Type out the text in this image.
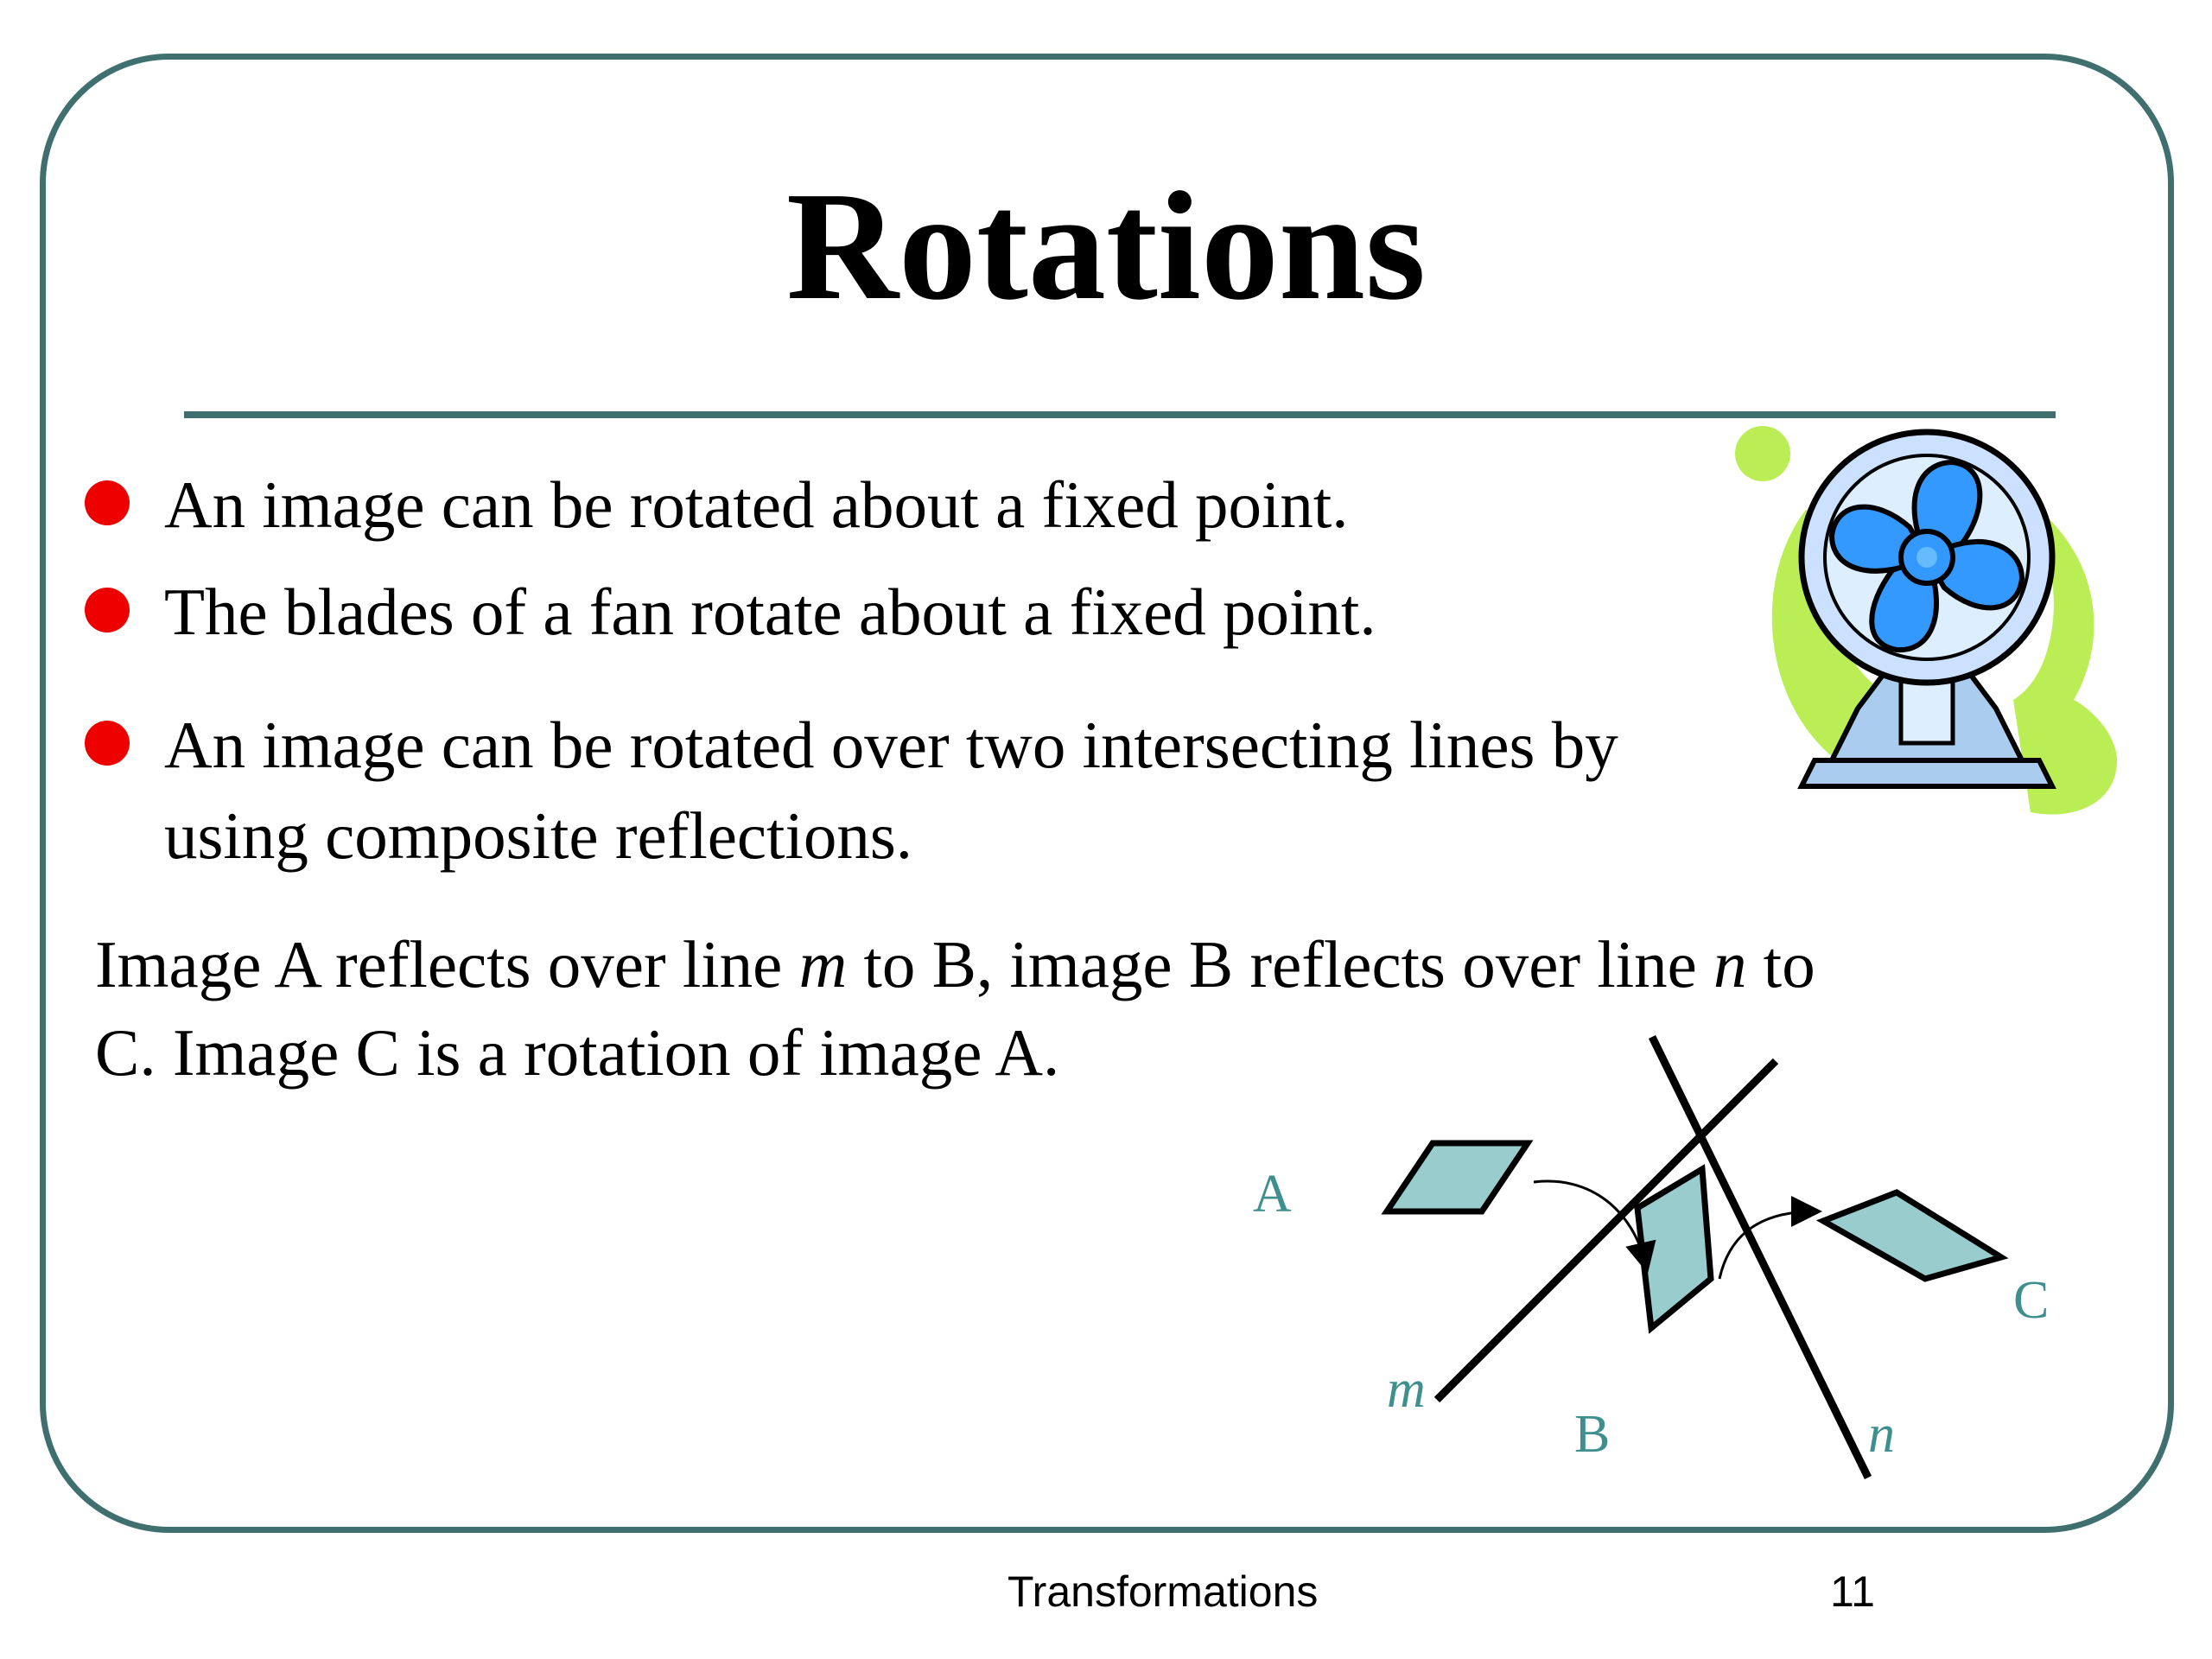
Rotations
An image can be rotated about a fixed point.
The blades of a fan rotate about a fixed point.
An image can be rotated over two intersecting lines by
using composite reflections.
Image A reflects over line m to B, image B reflects over line n to
C. Image C is a rotation of image A.
A
B
C
m
n
Transformations	11
